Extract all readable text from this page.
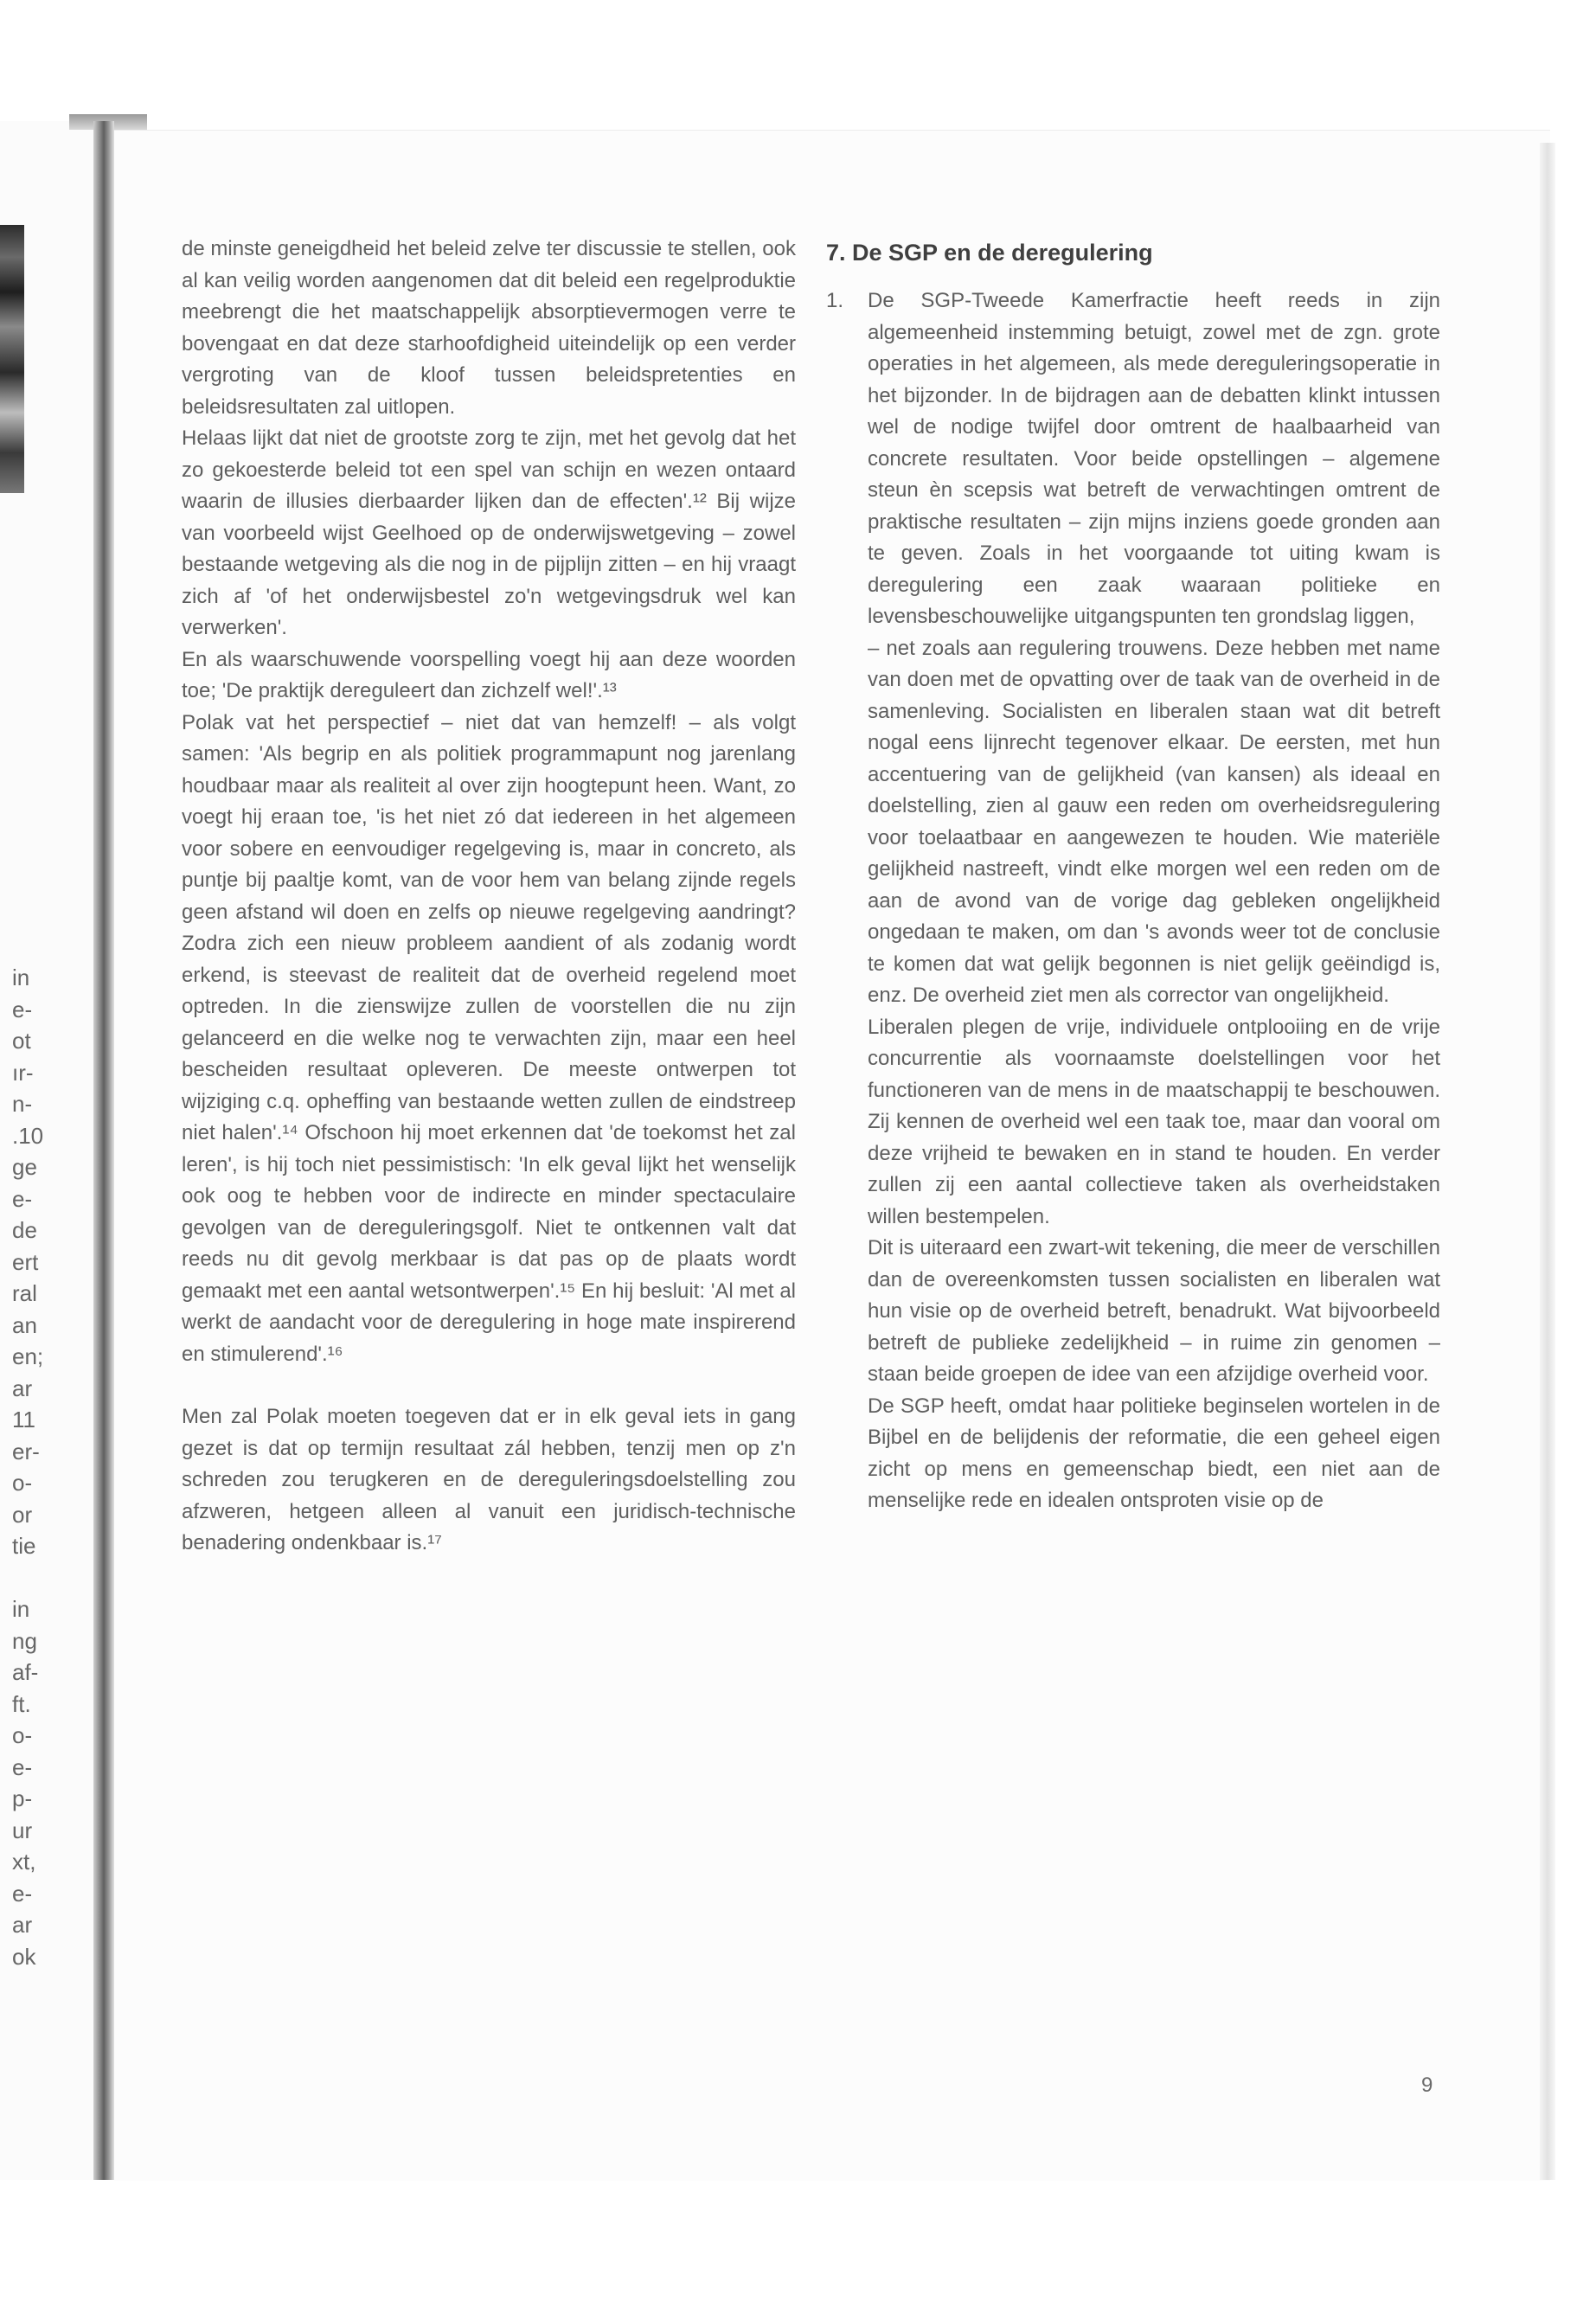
in
e-
ot
ır-
n-
.10
ge
e-
de
ert
ral
an
en;
ar
11
er-
o-
or
tie
in
ng
af-
ft.
o-
e-
p-
ur
xt,
e-
ar
ok

de minste geneigdheid het beleid zelve ter discussie te stellen, ook al kan veilig worden aangenomen dat dit beleid een regelproduktie meebrengt die het maatschappelijk absorptievermogen verre te bovengaat en dat deze starhoofdigheid uiteindelijk op een verder vergroting van de kloof tussen beleidspretenties en beleidsresultaten zal uitlopen.

Helaas lijkt dat niet de grootste zorg te zijn, met het gevolg dat het zo gekoesterde beleid tot een spel van schijn en wezen ontaard waarin de illusies dierbaarder lijken dan de effecten'.¹² Bij wijze van voorbeeld wijst Geelhoed op de onderwijswetgeving – zowel bestaande wetgeving als die nog in de pijplijn zitten – en hij vraagt zich af 'of het onderwijsbestel zo'n wetgevingsdruk wel kan verwerken'.

En als waarschuwende voorspelling voegt hij aan deze woorden toe; 'De praktijk dereguleert dan zichzelf wel!'.¹³

Polak vat het perspectief – niet dat van hemzelf! – als volgt samen: 'Als begrip en als politiek programmapunt nog jarenlang houdbaar maar als realiteit al over zijn hoogtepunt heen. Want, zo voegt hij eraan toe, 'is het niet zó dat iedereen in het algemeen voor sobere en eenvoudiger regelgeving is, maar in concreto, als puntje bij paaltje komt, van de voor hem van belang zijnde regels geen afstand wil doen en zelfs op nieuwe regelgeving aandringt? Zodra zich een nieuw probleem aandient of als zodanig wordt erkend, is steevast de realiteit dat de overheid regelend moet optreden. In die zienswijze zullen de voorstellen die nu zijn gelanceerd en die welke nog te verwachten zijn, maar een heel bescheiden resultaat opleveren. De meeste ontwerpen tot wijziging c.q. opheffing van bestaande wetten zullen de eindstreep niet halen'.¹⁴ Ofschoon hij moet erkennen dat 'de toekomst het zal leren', is hij toch niet pessimistisch: 'In elk geval lijkt het wenselijk ook oog te hebben voor de indirecte en minder spectaculaire gevolgen van de dereguleringsgolf. Niet te ontkennen valt dat reeds nu dit gevolg merkbaar is dat pas op de plaats wordt gemaakt met een aantal wetsontwerpen'.¹⁵ En hij besluit: 'Al met al werkt de aandacht voor de deregulering in hoge mate inspirerend en stimulerend'.¹⁶

Men zal Polak moeten toegeven dat er in elk geval iets in gang gezet is dat op termijn resultaat zál hebben, tenzij men op z'n schreden zou terugkeren en de dereguleringsdoelstelling zou afzweren, hetgeen alleen al vanuit een juridisch-technische benadering ondenkbaar is.¹⁷

7. De SGP en de deregulering
1.	De SGP-Tweede Kamerfractie heeft reeds in zijn algemeenheid instemming betuigt, zowel met de zgn. grote operaties in het algemeen, als mede dereguleringsoperatie in het bijzonder. In de bijdragen aan de debatten klinkt intussen wel de nodige twijfel door omtrent de haalbaarheid van concrete resultaten. Voor beide opstellingen – algemene steun èn scepsis wat betreft de verwachtingen omtrent de praktische resultaten – zijn mijns inziens goede gronden aan te geven. Zoals in het voorgaande tot uiting kwam is deregulering een zaak waaraan politieke en levensbeschouwelijke uitgangspunten ten grondslag liggen,

– net zoals aan regulering trouwens. Deze hebben met name van doen met de opvatting over de taak van de overheid in de samenleving. Socialisten en liberalen staan wat dit betreft nogal eens lijnrecht tegenover elkaar. De eersten, met hun accentuering van de gelijkheid (van kansen) als ideaal en doelstelling, zien al gauw een reden om overheidsregulering voor toelaatbaar en aangewezen te houden. Wie materiële gelijkheid nastreeft, vindt elke morgen wel een reden om de aan de avond van de vorige dag gebleken ongelijkheid ongedaan te maken, om dan 's avonds weer tot de conclusie te komen dat wat gelijk begonnen is niet gelijk geëindigd is, enz. De overheid ziet men als corrector van ongelijkheid.

Liberalen plegen de vrije, individuele ontplooiing en de vrije concurrentie als voornaamste doelstellingen voor het functioneren van de mens in de maatschappij te beschouwen. Zij kennen de overheid wel een taak toe, maar dan vooral om deze vrijheid te bewaken en in stand te houden. En verder zullen zij een aantal collectieve taken als overheidstaken willen bestempelen.

Dit is uiteraard een zwart-wit tekening, die meer de verschillen dan de overeenkomsten tussen socialisten en liberalen wat hun visie op de overheid betreft, benadrukt. Wat bijvoorbeeld betreft de publieke zedelijkheid – in ruime zin genomen – staan beide groepen de idee van een afzijdige overheid voor.

De SGP heeft, omdat haar politieke beginselen wortelen in de Bijbel en de belijdenis der reformatie, die een geheel eigen zicht op mens en gemeenschap biedt, een niet aan de menselijke rede en idealen ontsproten visie op de

9
